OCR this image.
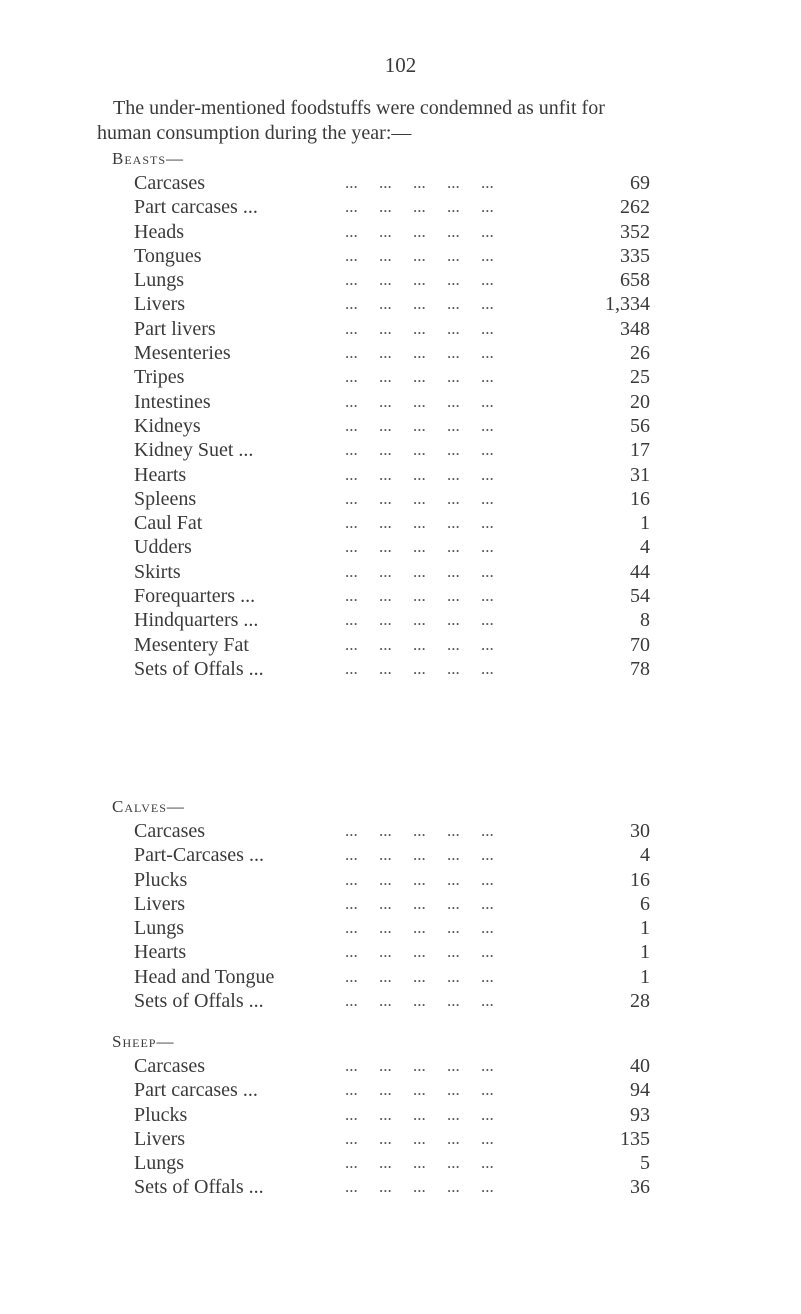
102
The under-mentioned foodstuffs were condemned as unfit for
human consumption during the year:—
Beasts—
Carcases	...     ...     ...     ...     ...	69
Part carcases ...	...     ...     ...     ...     ...	262
Heads	...     ...     ...     ...     ...	352
Tongues	...     ...     ...     ...     ...	335
Lungs	...     ...     ...     ...     ...	658
Livers	...     ...     ...     ...     ...	1,334
Part livers	...     ...     ...     ...     ...	348
Mesenteries	...     ...     ...     ...     ...	26
Tripes	...     ...     ...     ...     ...	25
Intestines	...     ...     ...     ...     ...	20
Kidneys	...     ...     ...     ...     ...	56
Kidney Suet ...	...     ...     ...     ...     ...	17
Hearts	...     ...     ...     ...     ...	31
Spleens	...     ...     ...     ...     ...	16
Caul Fat	...     ...     ...     ...     ...	1
Udders	...     ...     ...     ...     ...	4
Skirts	...     ...     ...     ...     ...	44
Forequarters ...	...     ...     ...     ...     ...	54
Hindquarters ...	...     ...     ...     ...     ...	8
Mesentery Fat	...     ...     ...     ...     ...	70
Sets of Offals ...	...     ...     ...     ...     ...	78
Calves—
Carcases	...     ...     ...     ...     ...	30
Part-Carcases ...	...     ...     ...     ...     ...	4
Plucks	...     ...     ...     ...     ...	16
Livers	...     ...     ...     ...     ...	6
Lungs	...     ...     ...     ...     ...	1
Hearts	...     ...     ...     ...     ...	1
Head and Tongue	...     ...     ...     ...     ...	1
Sets of Offals ...	...     ...     ...     ...     ...	28
Sheep—
Carcases	...     ...     ...     ...     ...	40
Part carcases ...	...     ...     ...     ...     ...	94
Plucks	...     ...     ...     ...     ...	93
Livers	...     ...     ...     ...     ...	135
Lungs	...     ...     ...     ...     ...	5
Sets of Offals ...	...     ...     ...     ...     ...	36
